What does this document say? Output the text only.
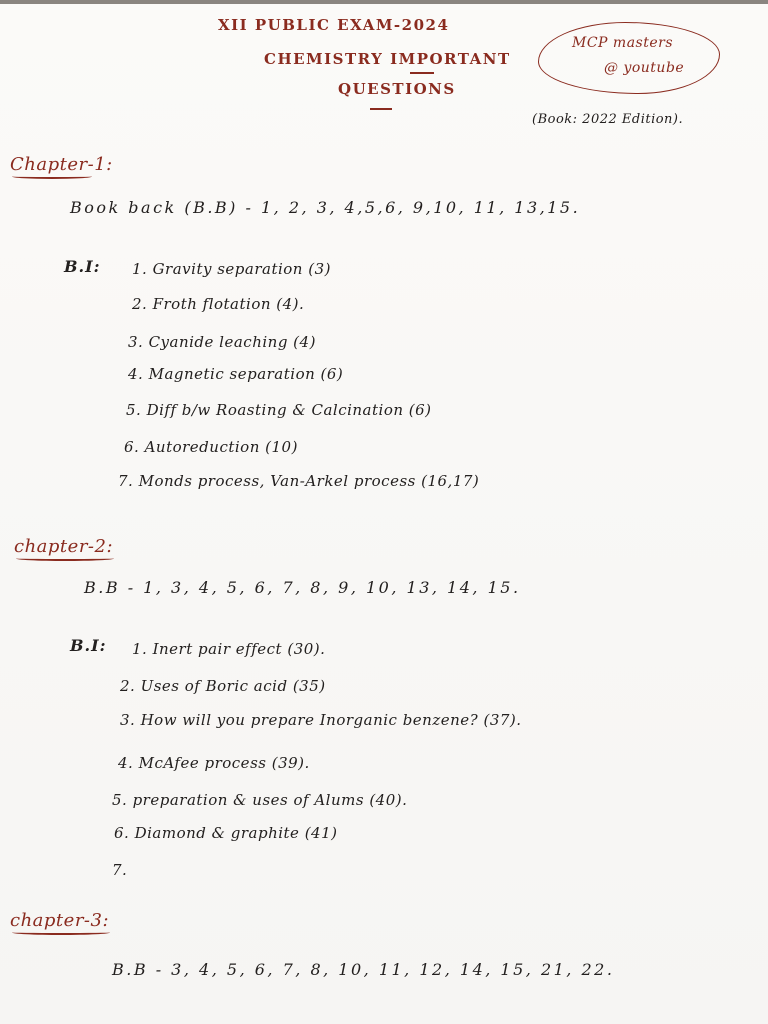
XII PUBLIC EXAM-2024
CHEMISTRY IMPORTANT
QUESTIONS
MCP masters
@ youtube
(Book: 2022 Edition).
Chapter-1:
Book back (B.B) - 1, 2, 3, 4,5,6, 9,10, 11, 13,15.
B.I: 1. Gravity separation (3)
2. Froth flotation (4).
3. Cyanide leaching (4)
4. Magnetic separation (6)
5. Diff b/w Roasting & Calcination (6)
6. Autoreduction (10)
7. Monds process, Van-Arkel process (16,17)
chapter-2:
B.B - 1, 3, 4, 5, 6, 7, 8, 9, 10, 13, 14, 15.
B.I: 1. Inert pair effect (30).
2. Uses of Boric acid (35)
3. How will you prepare Inorganic benzene? (37).
4. McAfee process (39).
5. preparation & uses of Alums (40).
6. Diamond & graphite (41)
7.
chapter-3:
B.B - 3, 4, 5, 6, 7, 8, 10, 11, 12, 14, 15, 21, 22.
